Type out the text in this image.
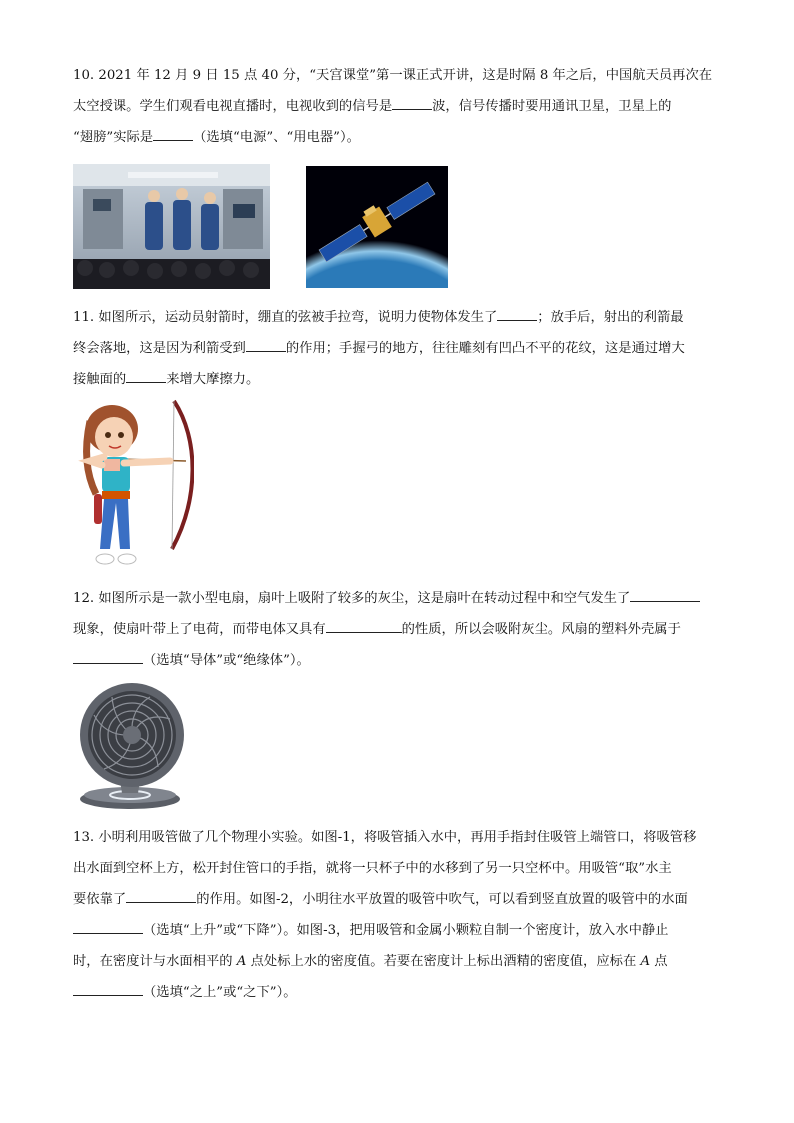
10. 2021 年 12 月 9 日 15 点 40 分，“天宫课堂”第一课正式开讲，这是时隔 8 年之后，中国航天员再次在
太空授课。学生们观看电视直播时，电视收到的信号是	波，信号传播时要用通讯卫星，卫星上的
“翅膀”实际是	（选填“电源”、“用电器”）。
11. 如图所示，运动员射箭时，绷直的弦被手拉弯，说明力使物体发生了	；放手后，射出的利箭最
终会落地，这是因为利箭受到	的作用；手握弓的地方，往往雕刻有凹凸不平的花纹，这是通过增大
接触面的	来增大摩擦力。
12. 如图所示是一款小型电扇，扇叶上吸附了较多的灰尘，这是扇叶在转动过程中和空气发生了
现象，使扇叶带上了电荷，而带电体又具有	的性质，所以会吸附灰尘。风扇的塑料外壳属于
（选填“导体”或“绝缘体”）。
13. 小明利用吸管做了几个物理小实验。如图-1，将吸管插入水中，再用手指封住吸管上端管口，将吸管移
出水面到空杯上方，松开封住管口的手指，就将一只杯子中的水移到了另一只空杯中。用吸管“取”水主
要依靠了	的作用。如图-2，小明往水平放置的吸管中吹气，可以看到竖直放置的吸管中的水面
（选填“上升”或“下降”）。如图-3，把用吸管和金属小颗粒自制一个密度计，放入水中静止
时，在密度计与水面相平的 A 点处标上水的密度值。若要在密度计上标出酒精的密度值，应标在 A 点
（选填“之上”或“之下”）。
